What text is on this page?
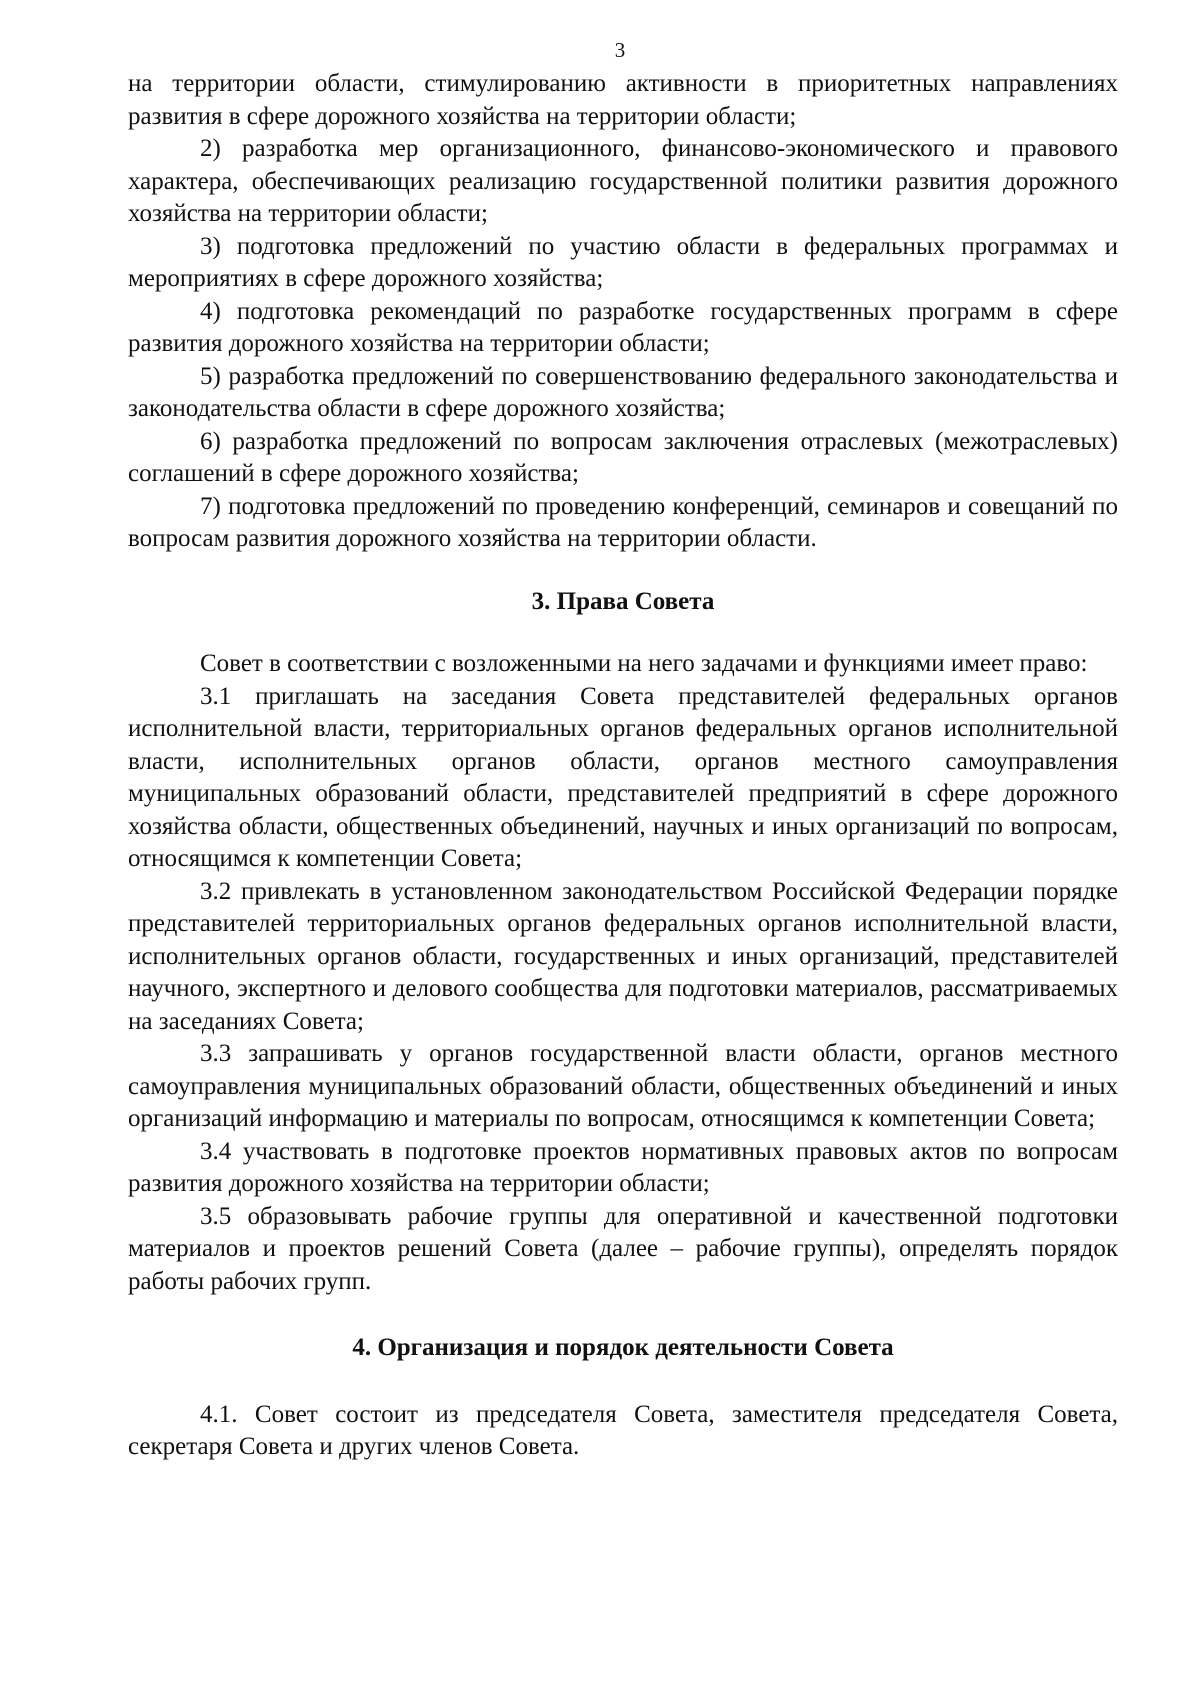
3

на территории области, стимулированию активности в приоритетных направлениях развития в сфере дорожного хозяйства на территории области;

2) разработка мер организационного, финансово-экономического и правового характера, обеспечивающих реализацию государственной политики развития дорожного хозяйства на территории области;

3) подготовка предложений по участию области в федеральных программах и мероприятиях в сфере дорожного хозяйства;

4) подготовка рекомендаций по разработке государственных программ в сфере развития дорожного хозяйства на территории области;

5) разработка предложений по совершенствованию федерального законодательства и законодательства области в сфере дорожного хозяйства;

6) разработка предложений по вопросам заключения отраслевых (межотраслевых) соглашений в сфере дорожного хозяйства;

7) подготовка предложений по проведению конференций, семинаров и совещаний по вопросам развития дорожного хозяйства на территории области.

3. Права Совета

Совет в соответствии с возложенными на него задачами и функциями имеет право:

3.1 приглашать на заседания Совета представителей федеральных органов исполнительной власти, территориальных органов федеральных органов исполнительной власти, исполнительных органов области, органов местного самоуправления муниципальных образований области, представителей предприятий в сфере дорожного хозяйства области, общественных объединений, научных и иных организаций по вопросам, относящимся к компетенции Совета;

3.2 привлекать в установленном законодательством Российской Федерации порядке представителей территориальных органов федеральных органов исполнительной власти, исполнительных органов области, государственных и иных организаций, представителей научного, экспертного и делового сообщества для подготовки материалов, рассматриваемых на заседаниях Совета;

3.3 запрашивать у органов государственной власти области, органов местного самоуправления муниципальных образований области, общественных объединений и иных организаций информацию и материалы по вопросам, относящимся к компетенции Совета;

3.4 участвовать в подготовке проектов нормативных правовых актов по вопросам развития дорожного хозяйства на территории области;

3.5 образовывать рабочие группы для оперативной и качественной подготовки материалов и проектов решений Совета (далее – рабочие группы), определять порядок работы рабочих групп.

4. Организация и порядок деятельности Совета

4.1. Совет состоит из председателя Совета, заместителя председателя Совета, секретаря Совета и других членов Совета.
